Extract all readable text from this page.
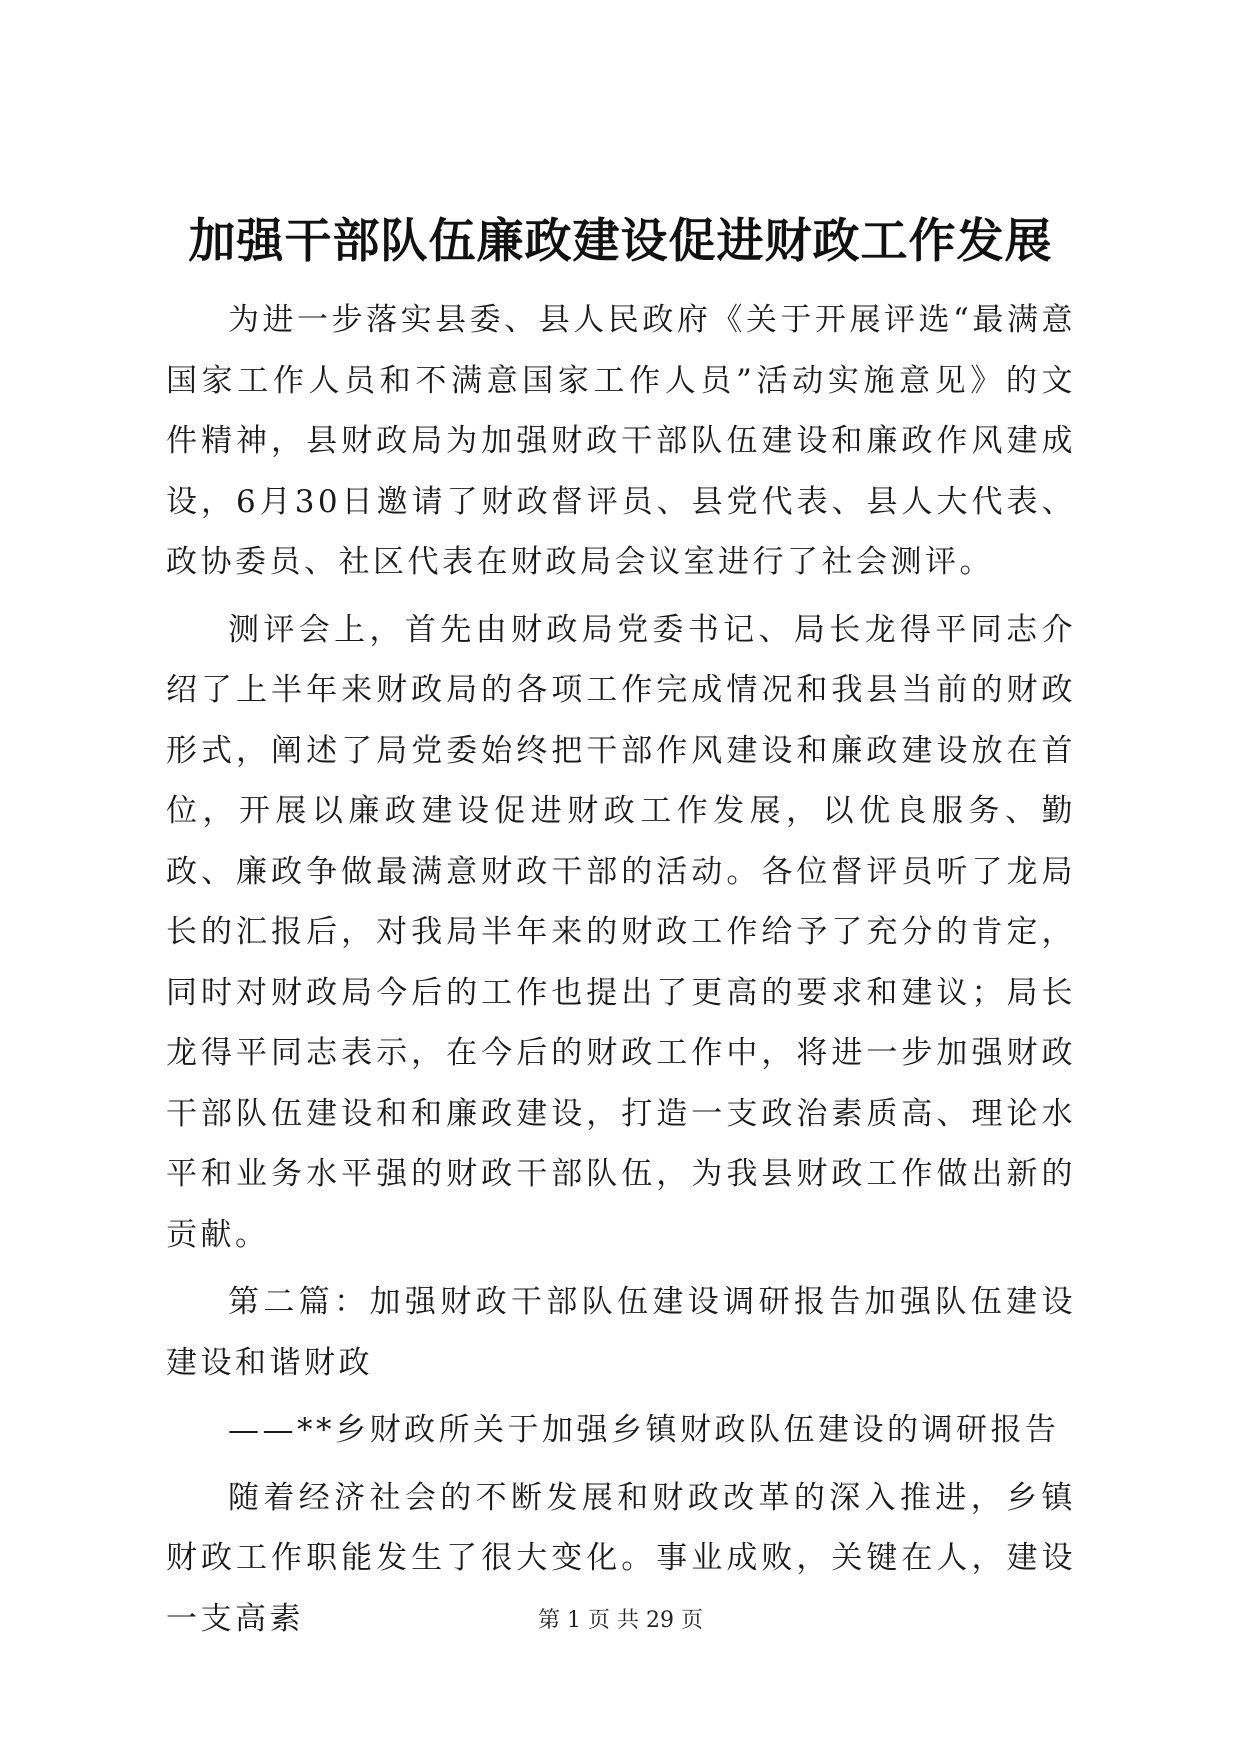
加强干部队伍廉政建设促进财政工作发展

为进一步落实县委、县人民政府《关于开展评选“最满意国家工作人员和不满意国家工作人员”活动实施意见》的文件精神，县财政局为加强财政干部队伍建设和廉政作风建成设，6月30日邀请了财政督评员、县党代表、县人大代表、政协委员、社区代表在财政局会议室进行了社会测评。

测评会上，首先由财政局党委书记、局长龙得平同志介绍了上半年来财政局的各项工作完成情况和我县当前的财政形式，阐述了局党委始终把干部作风建设和廉政建设放在首位，开展以廉政建设促进财政工作发展，以优良服务、勤政、廉政争做最满意财政干部的活动。各位督评员听了龙局长的汇报后，对我局半年来的财政工作给予了充分的肯定，同时对财政局今后的工作也提出了更高的要求和建议；局长龙得平同志表示，在今后的财政工作中，将进一步加强财政干部队伍建设和和廉政建设，打造一支政治素质高、理论水平和业务水平强的财政干部队伍，为我县财政工作做出新的贡献。

第二篇：加强财政干部队伍建设调研报告加强队伍建设建设和谐财政

——**乡财政所关于加强乡镇财政队伍建设的调研报告

随着经济社会的不断发展和财政改革的深入推进，乡镇财政工作职能发生了很大变化。事业成败，关键在人，建设一支高素	第 1 页 共 29 页
